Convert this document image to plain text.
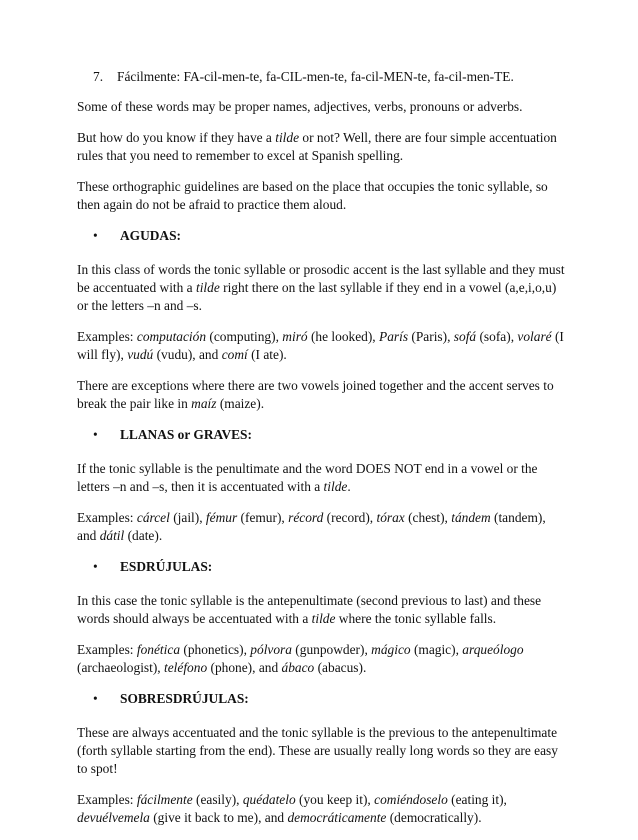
7. Fácilmente: FA-cil-men-te, fa-CIL-men-te, fa-cil-MEN-te, fa-cil-men-TE.

Some of these words may be proper names, adjectives, verbs, pronouns or adverbs.

But how do you know if they have a tilde or not? Well, there are four simple accentuation rules that you need to remember to excel at Spanish spelling.

These orthographic guidelines are based on the place that occupies the tonic syllable, so then again do not be afraid to practice them aloud.

• AGUDAS:

In this class of words the tonic syllable or prosodic accent is the last syllable and they must be accentuated with a tilde right there on the last syllable if they end in a vowel (a,e,i,o,u) or the letters –n and –s.

Examples: computación (computing), miró (he looked), París (Paris), sofá (sofa), volaré (I will fly), vudú (vudu), and comí (I ate).

There are exceptions where there are two vowels joined together and the accent serves to break the pair like in maíz (maize).

• LLANAS or GRAVES:

If the tonic syllable is the penultimate and the word DOES NOT end in a vowel or the letters –n and –s, then it is accentuated with a tilde.

Examples: cárcel (jail), fémur (femur), récord (record), tórax (chest), tándem (tandem), and dátil (date).

• ESDRÚJULAS:

In this case the tonic syllable is the antepenultimate (second previous to last) and these words should always be accentuated with a tilde where the tonic syllable falls.

Examples: fonética (phonetics), pólvora (gunpowder), mágico (magic), arqueólogo (archaeologist), teléfono (phone), and ábaco (abacus).

• SOBRESDRÚJULAS:

These are always accentuated and the tonic syllable is the previous to the antepenultimate (forth syllable starting from the end). These are usually really long words so they are easy to spot!

Examples: fácilmente (easily), quédatelo (you keep it), comiéndoselo (eating it), devuélvemela (give it back to me), and democráticamente (democratically).
